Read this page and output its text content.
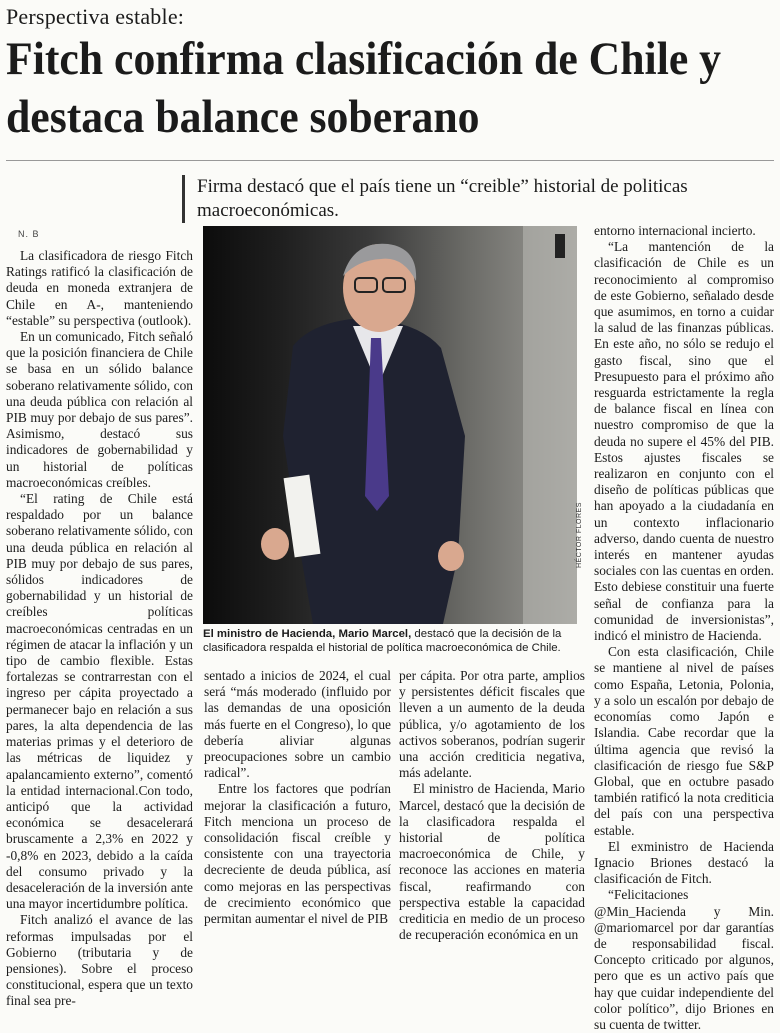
Perspectiva estable:
Fitch confirma clasificación de Chile y destaca balance soberano
Firma destacó que el país tiene un “creible” historial de politicas macroeconómicas.
N. B

La clasificadora de riesgo Fitch Ratings ratificó la clasificación de deuda en moneda extranjera de Chile en A-, manteniendo “estable” su perspectiva (outlook).

En un comunicado, Fitch señaló que la posición financiera de Chile se basa en un sólido balance soberano relativamente sólido, con una deuda pública con relación al PIB muy por debajo de sus pares”. Asimismo, destacó sus indicadores de gobernabilidad y un historial de políticas macroeconómicas creíbles.

“El rating de Chile está respaldado por un balance soberano relativamente sólido, con una deuda pública en relación al PIB muy por debajo de sus pares, sólidos indicadores de gobernabilidad y un historial de creíbles políticas macroeconómicas centradas en un régimen de atacar la inflación y un tipo de cambio flexible. Estas fortalezas se contrarrestan con el ingreso per cápita proyectado a permanecer bajo en relación a sus pares, la alta dependencia de las materias primas y el deterioro de las métricas de liquidez y apalancamiento externo”, comentó la entidad internacional.Con todo, anticipó que la actividad económica se desacelerará bruscamente a 2,3% en 2022 y -0,8% en 2023, debido a la caída del consumo privado y la desaceleración de la inversión ante una mayor incertidumbre política.

Fitch analizó el avance de las reformas impulsadas por el Gobierno (tributaria y de pensiones). Sobre el proceso constitucional, espera que un texto final sea pre-

HÉCTOR FLORES
El ministro de Hacienda, Mario Marcel, destacó que la decisión de la clasificadora respalda el historial de política macroeconómica de Chile.

sentado a inicios de 2024, el cual será “más moderado (influido por las demandas de una oposición más fuerte en el Congreso), lo que debería aliviar algunas preocupaciones sobre un cambio radical”.

Entre los factores que podrían mejorar la clasificación a futuro, Fitch menciona un proceso de consolidación fiscal creíble y consistente con una trayectoria decreciente de deuda pública, así como mejoras en las perspectivas de crecimiento económico que permitan aumentar el nivel de PIB

per cápita. Por otra parte, amplios y persistentes déficit fiscales que lleven a un aumento de la deuda pública, y/o agotamiento de los activos soberanos, podrían sugerir una acción crediticia negativa, más adelante.

El ministro de Hacienda, Mario Marcel, destacó que la decisión de la clasificadora respalda el historial de política macroeconómica de Chile, y reconoce las acciones en materia fiscal, reafirmando con perspectiva estable la capacidad crediticia en medio de un proceso de recuperación económica en un

entorno internacional incierto.

“La mantención de la clasificación de Chile es un reconocimiento al compromiso de este Gobierno, señalado desde que asumimos, en torno a cuidar la salud de las finanzas públicas. En este año, no sólo se redujo el gasto fiscal, sino que el Presupuesto para el próximo año resguarda estrictamente la regla de balance fiscal en línea con nuestro compromiso de que la deuda no supere el 45% del PIB. Estos ajustes fiscales se realizaron en conjunto con el diseño de políticas públicas que han apoyado a la ciudadanía en un contexto inflacionario adverso, dando cuenta de nuestro interés en mantener ayudas sociales con las cuentas en orden. Esto debiese constituir una fuerte señal de confianza para la comunidad de inversionistas”, indicó el ministro de Hacienda.

Con esta clasificación, Chile se mantiene al nivel de países como España, Letonia, Polonia, y a solo un escalón por debajo de economías como Japón e Islandia. Cabe recordar que la última agencia que revisó la clasificación de riesgo fue S&P Global, que en octubre pasado también ratificó la nota crediticia del país con una perspectiva estable.

El exministro de Hacienda Ignacio Briones destacó la clasificación de Fitch.

“Felicitaciones @Min_Hacienda y Min. @mariomarcel por dar garantías de responsabilidad fiscal. Concepto criticado por algunos, pero que es un activo país que hay que cuidar independiente del color político”, dijo Briones en su cuenta de twitter.
